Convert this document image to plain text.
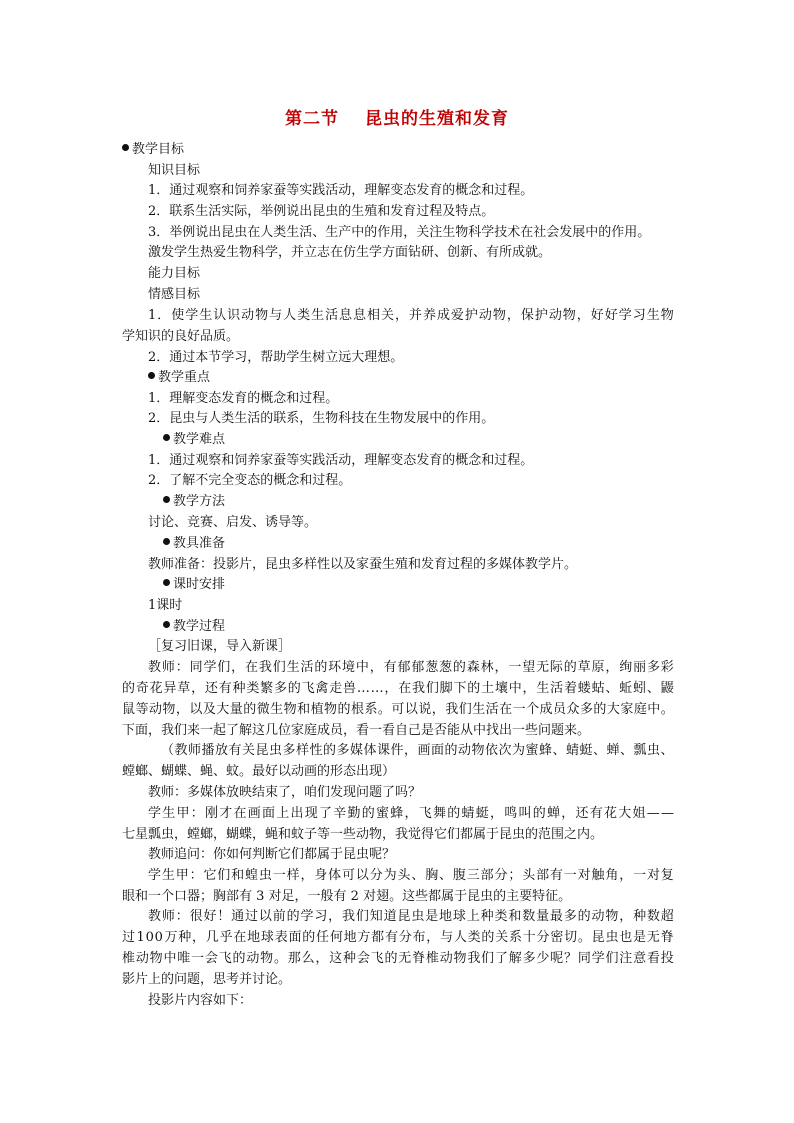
第二节 昆虫的生殖和发育
教学目标
知识目标
1．通过观察和饲养家蚕等实践活动，理解变态发育的概念和过程。
2．联系生活实际，举例说出昆虫的生殖和发育过程及特点。
3．举例说出昆虫在人类生活、生产中的作用，关注生物科学技术在社会发展中的作用。
激发学生热爱生物科学，并立志在仿生学方面钻研、创新、有所成就。
能力目标
情感目标
1 ． 使 学 生 认 识 动 物 与 人 类 生 活 息 息 相 关 ， 并 养 成 爱 护 动 物 ， 保 护 动 物 ， 好 好 学 习 生 物
学知识的良好品质。
2．通过本节学习，帮助学生树立远大理想。
教学重点
1．理解变态发育的概念和过程。
2．昆虫与人类生活的联系，生物科技在生物发展中的作用。
教学难点
1．通过观察和饲养家蚕等实践活动，理解变态发育的概念和过程。
2．了解不完全变态的概念和过程。
教学方法
讨论、竞赛、启发、诱导等。
教具准备
教师准备：投影片，昆虫多样性以及家蚕生殖和发育过程的多媒体教学片。
课时安排
1课时
教学过程
［复习旧课，导入新课］
教 师 ： 同 学 们 ， 在 我 们 生 活 的 环 境 中 ， 有 郁 郁 葱 葱 的 森 林 ， 一 望 无 际 的 草 原 ， 绚 丽 多 彩
的 奇 花 异 草 ， 还 有 种 类 繁 多 的 飞 禽 走 兽 … … ， 在 我 们 脚 下 的 土 壤 中 ， 生 活 着 蝼 蛄 、 蚯 蚓 、 鼹
鼠 等 动 物 ， 以 及 大 量 的 微 生 物 和 植 物 的 根 系 。 可 以 说 ， 我 们 生 活 在 一 个 成 员 众 多 的 大 家 庭 中 。
下面，我们来一起了解这几位家庭成员，看一看自己是否能从中找出一些问题来。
（ 教 师 播 放 有 关 昆 虫 多 样 性 的 多 媒 体 课 件 ， 画 面 的 动 物 依 次 为 蜜 蜂 、 蜻 蜓 、 蝉 、 瓢 虫 、
螳螂、蝴蝶、蝇、蚊。最好以动画的形态出现）
教师：多媒体放映结束了，咱们发现问题了吗？
学 生 甲 ： 刚 才 在 画 面 上 出 现 了 辛 勤 的 蜜 蜂 ， 飞 舞 的 蜻 蜓 ， 鸣 叫 的 蝉 ， 还 有 花 大 姐 — —
七星瓢虫，螳螂，蝴蝶，蝇和蚊子等一些动物，我觉得它们都属于昆虫的范围之内。
教师追问：你如何判断它们都属于昆虫呢？
学 生 甲 ： 它 们 和 蝗 虫 一 样 ， 身 体 可 以 分 为 头 、 胸 、 腹 三 部 分 ； 头 部 有 一 对 触 角 ， 一 对 复
眼和一个口器；胸部有 3 对足，一般有 2 对翅。这些都属于昆虫的主要特征。
教 师 ： 很 好 ！ 通 过 以 前 的 学 习 ， 我 们 知 道 昆 虫 是 地 球 上 种 类 和 数 量 最 多 的 动 物 ， 种 数 超
过 1 0 0 万 种 ， 几 乎 在 地 球 表 面 的 任 何 地 方 都 有 分 布 ， 与 人 类 的 关 系 十 分 密 切 。 昆 虫 也 是 无 脊
椎 动 物 中 唯 一 会 飞 的 动 物 。 那 么 ， 这 种 会 飞 的 无 脊 椎 动 物 我 们 了 解 多 少 呢 ？ 同 学 们 注 意 看 投
影片上的问题，思考并讨论。
投影片内容如下：
